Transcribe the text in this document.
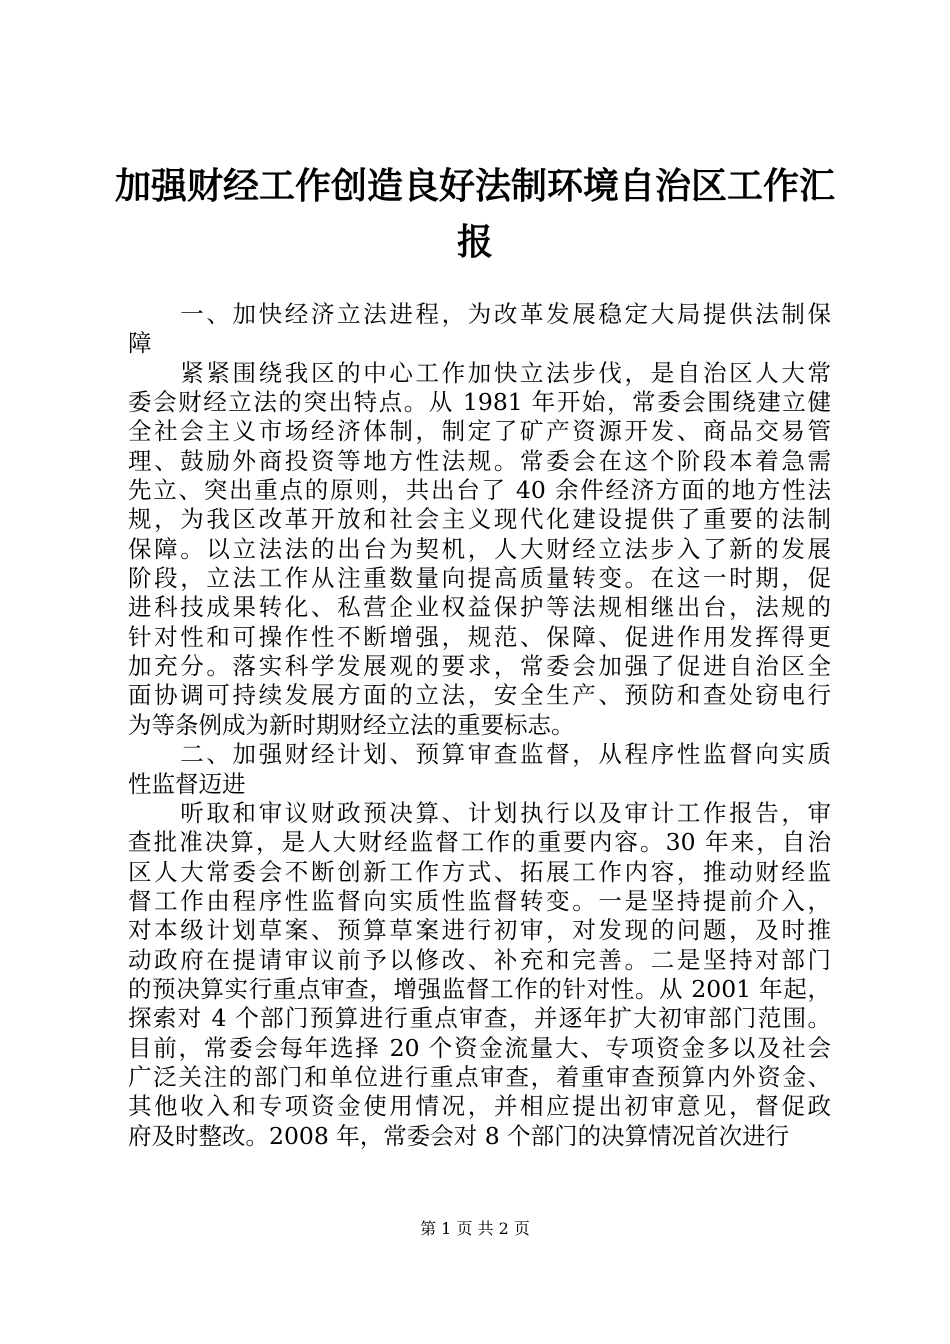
加强财经工作创造良好法制环境自治区工作汇
报
　　一、加快经济立法进程，为改革发展稳定大局提供法制保
障
　　紧紧围绕我区的中心工作加快立法步伐，是自治区人大常
委会财经立法的突出特点。从 1981 年开始，常委会围绕建立健
全社会主义市场经济体制，制定了矿产资源开发、商品交易管
理、鼓励外商投资等地方性法规。常委会在这个阶段本着急需
先立、突出重点的原则，共出台了 40 余件经济方面的地方性法
规，为我区改革开放和社会主义现代化建设提供了重要的法制
保障。以立法法的出台为契机，人大财经立法步入了新的发展
阶段，立法工作从注重数量向提高质量转变。在这一时期，促
进科技成果转化、私营企业权益保护等法规相继出台，法规的
针对性和可操作性不断增强，规范、保障、促进作用发挥得更
加充分。落实科学发展观的要求，常委会加强了促进自治区全
面协调可持续发展方面的立法，安全生产、预防和查处窃电行
为等条例成为新时期财经立法的重要标志。
　　二、加强财经计划、预算审查监督，从程序性监督向实质
性监督迈进
　　听取和审议财政预决算、计划执行以及审计工作报告，审
查批准决算，是人大财经监督工作的重要内容。30 年来，自治
区人大常委会不断创新工作方式、拓展工作内容，推动财经监
督工作由程序性监督向实质性监督转变。一是坚持提前介入，
对本级计划草案、预算草案进行初审，对发现的问题，及时推
动政府在提请审议前予以修改、补充和完善。二是坚持对部门
的预决算实行重点审查，增强监督工作的针对性。从 2001 年起，
探索对 4 个部门预算进行重点审查，并逐年扩大初审部门范围。
目前，常委会每年选择 20 个资金流量大、专项资金多以及社会
广泛关注的部门和单位进行重点审查，着重审查预算内外资金、
其他收入和专项资金使用情况，并相应提出初审意见，督促政
府及时整改。2008 年，常委会对 8 个部门的决算情况首次进行
第 1 页 共 2 页
